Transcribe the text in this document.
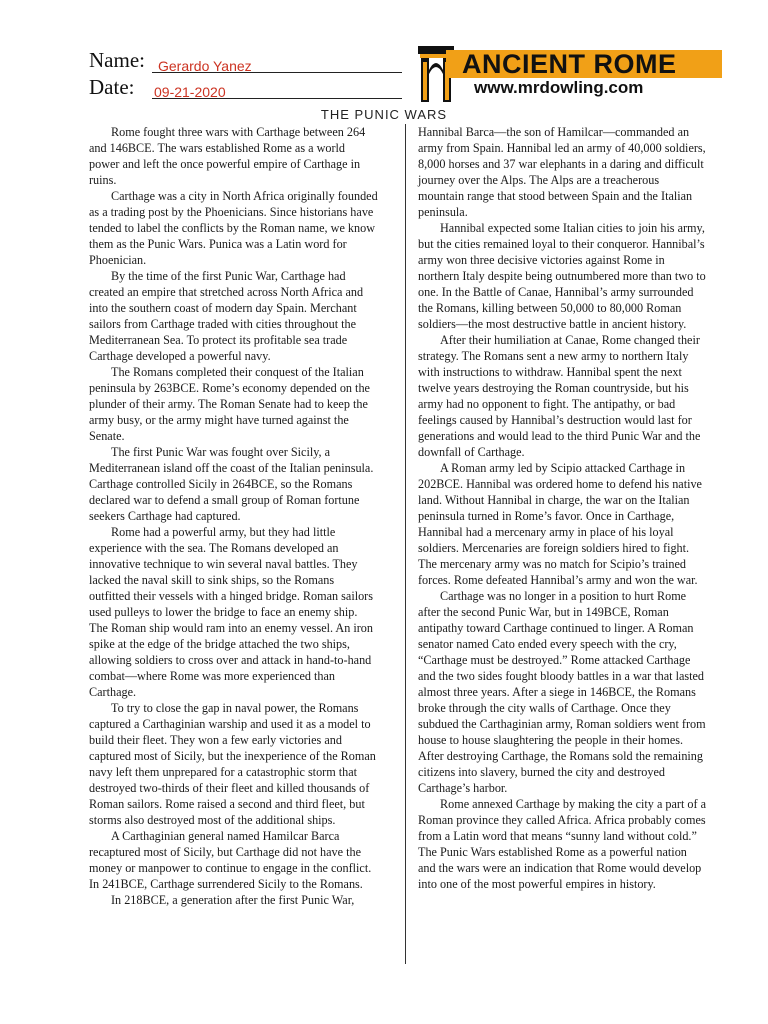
Name: Gerardo Yanez
Date: 09-21-2020
ANCIENT ROME
www.mrdowling.com
THE PUNIC WARS

Rome fought three wars with Carthage between 264 and 146BCE. The wars established Rome as a world power and left the once powerful empire of Carthage in ruins.

Carthage was a city in North Africa originally founded as a trading post by the Phoenicians. Since historians have tended to label the conflicts by the Roman name, we know them as the Punic Wars. Punica was a Latin word for Phoenician.

By the time of the first Punic War, Carthage had created an empire that stretched across North Africa and into the southern coast of modern day Spain. Merchant sailors from Carthage traded with cities throughout the Mediterranean Sea. To protect its profitable sea trade Carthage developed a powerful navy.

The Romans completed their conquest of the Italian peninsula by 263BCE. Rome’s economy depended on the plunder of their army. The Roman Senate had to keep the army busy, or the army might have turned against the Senate.

The first Punic War was fought over Sicily, a Mediterranean island off the coast of the Italian peninsula. Carthage controlled Sicily in 264BCE, so the Romans declared war to defend a small group of Roman fortune seekers Carthage had captured.

Rome had a powerful army, but they had little experience with the sea. The Romans developed an innovative technique to win several naval battles. They lacked the naval skill to sink ships, so the Romans outfitted their vessels with a hinged bridge. Roman sailors used pulleys to lower the bridge to face an enemy ship. The Roman ship would ram into an enemy vessel. An iron spike at the edge of the bridge attached the two ships, allowing soldiers to cross over and attack in hand-to-hand combat—where Rome was more experienced than Carthage.

To try to close the gap in naval power, the Romans captured a Carthaginian warship and used it as a model to build their fleet. They won a few early victories and captured most of Sicily, but the inexperience of the Roman navy left them unprepared for a catastrophic storm that destroyed two-thirds of their fleet and killed thousands of Roman sailors. Rome raised a second and third fleet, but storms also destroyed most of the additional ships.

A Carthaginian general named Hamilcar Barca recaptured most of Sicily, but Carthage did not have the money or manpower to continue to engage in the conflict. In 241BCE, Carthage surrendered Sicily to the Romans.

In 218BCE, a generation after the first Punic War,

Hannibal Barca—the son of Hamilcar—commanded an army from Spain. Hannibal led an army of 40,000 soldiers, 8,000 horses and 37 war elephants in a daring and difficult journey over the Alps. The Alps are a treacherous mountain range that stood between Spain and the Italian peninsula.

Hannibal expected some Italian cities to join his army, but the cities remained loyal to their conqueror. Hannibal’s army won three decisive victories against Rome in northern Italy despite being outnumbered more than two to one. In the Battle of Canae, Hannibal’s army surrounded the Romans, killing between 50,000 to 80,000 Roman soldiers—the most destructive battle in ancient history.

After their humiliation at Canae, Rome changed their strategy. The Romans sent a new army to northern Italy with instructions to withdraw. Hannibal spent the next twelve years destroying the Roman countryside, but his army had no opponent to fight. The antipathy, or bad feelings caused by Hannibal’s destruction would last for generations and would lead to the third Punic War and the downfall of Carthage.

A Roman army led by Scipio attacked Carthage in 202BCE. Hannibal was ordered home to defend his native land. Without Hannibal in charge, the war on the Italian peninsula turned in Rome’s favor. Once in Carthage, Hannibal had a mercenary army in place of his loyal soldiers. Mercenaries are foreign soldiers hired to fight. The mercenary army was no match for Scipio’s trained forces. Rome defeated Hannibal’s army and won the war.

Carthage was no longer in a position to hurt Rome after the second Punic War, but in 149BCE, Roman antipathy toward Carthage continued to linger. A Roman senator named Cato ended every speech with the cry, “Carthage must be destroyed.” Rome attacked Carthage and the two sides fought bloody battles in a war that lasted almost three years. After a siege in 146BCE, the Romans broke through the city walls of Carthage. Once they subdued the Carthaginian army, Roman soldiers went from house to house slaughtering the people in their homes. After destroying Carthage, the Romans sold the remaining citizens into slavery, burned the city and destroyed Carthage’s harbor.

Rome annexed Carthage by making the city a part of a Roman province they called Africa. Africa probably comes from a Latin word that means “sunny land without cold.” The Punic Wars established Rome as a powerful nation and the wars were an indication that Rome would develop into one of the most powerful empires in history.
